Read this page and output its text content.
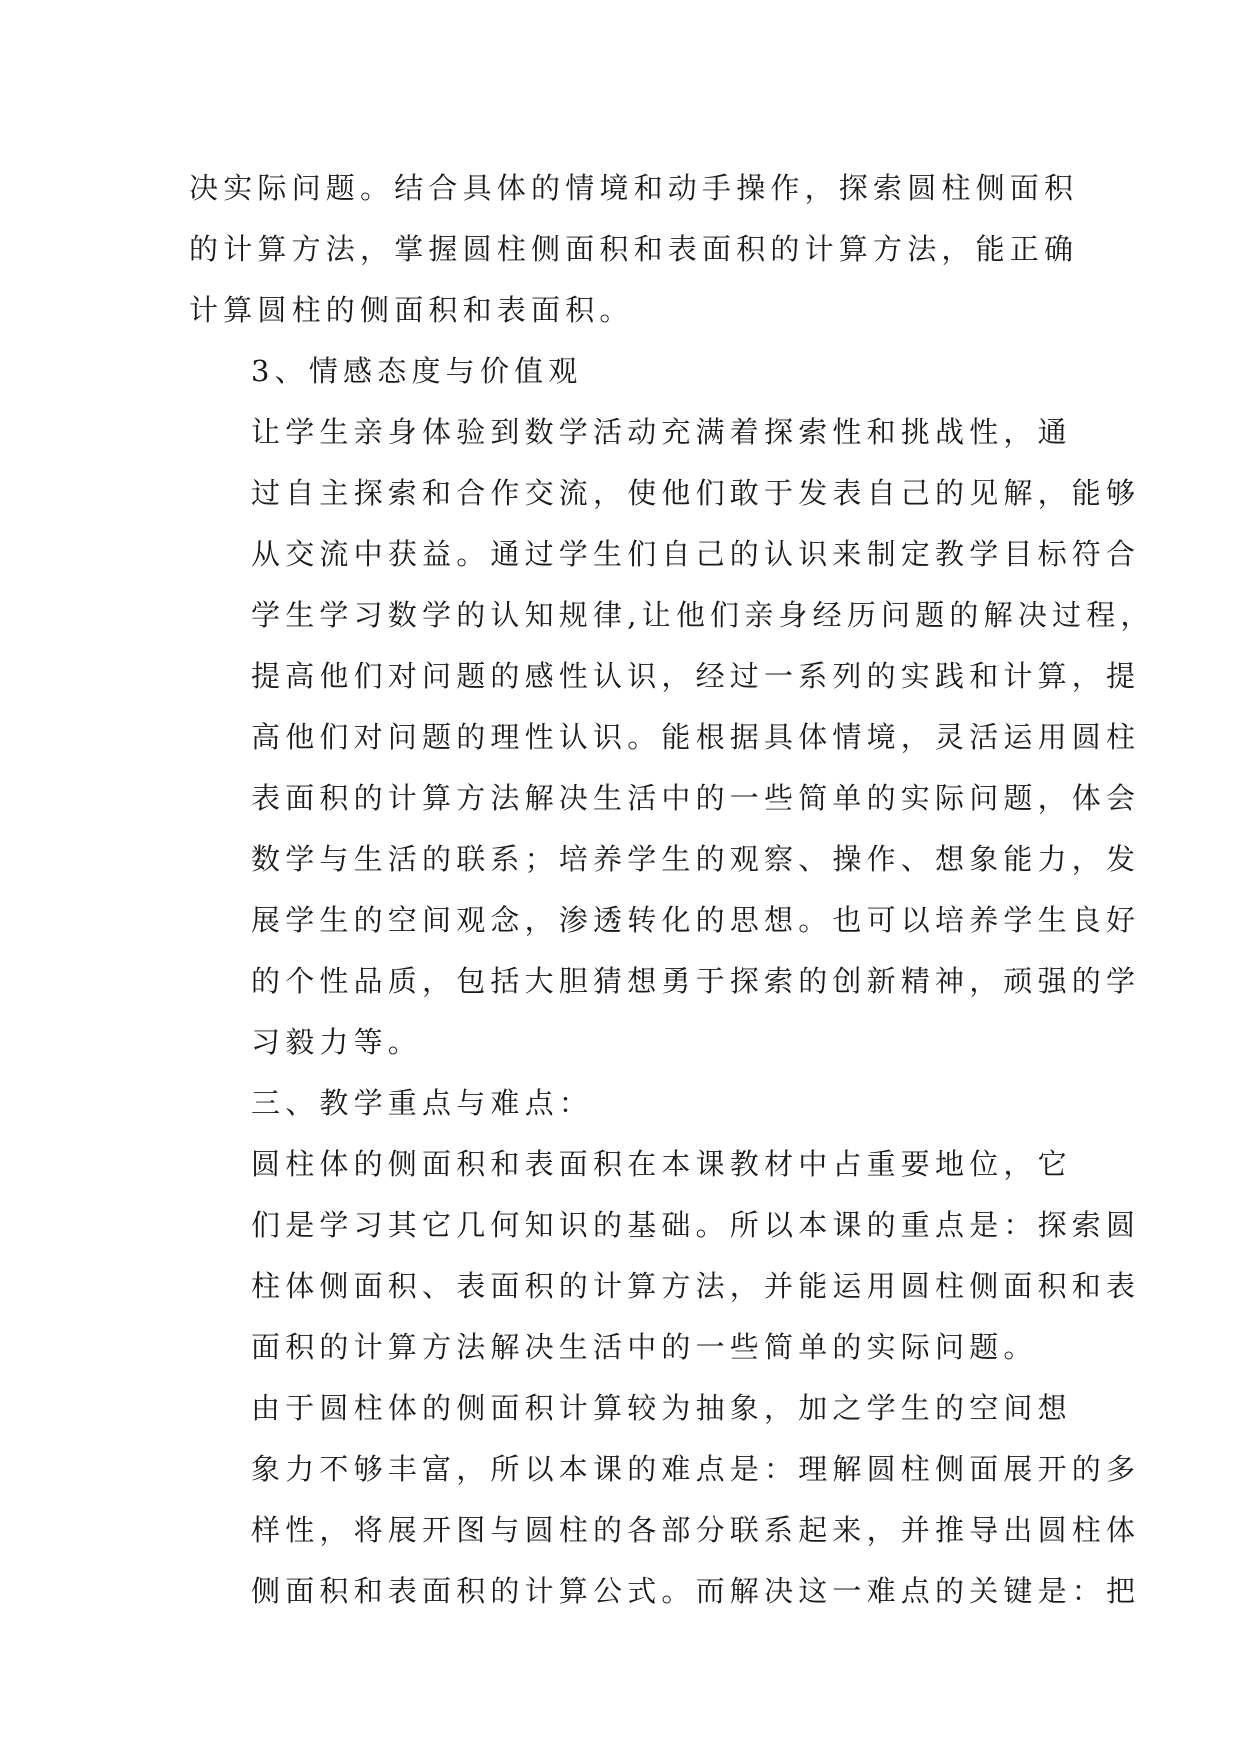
决实际问题。结合具体的情境和动手操作，探索圆柱侧面积
的计算方法，掌握圆柱侧面积和表面积的计算方法，能正确
计算圆柱的侧面积和表面积。

3、情感态度与价值观

让学生亲身体验到数学活动充满着探索性和挑战性，通
过自主探索和合作交流，使他们敢于发表自己的见解，能够
从交流中获益。通过学生们自己的认识来制定教学目标符合
学生学习数学的认知规律,让他们亲身经历问题的解决过程，
提高他们对问题的感性认识，经过一系列的实践和计算，提
高他们对问题的理性认识。能根据具体情境，灵活运用圆柱
表面积的计算方法解决生活中的一些简单的实际问题，体会
数学与生活的联系；培养学生的观察、操作、想象能力，发
展学生的空间观念，渗透转化的思想。也可以培养学生良好
的个性品质，包括大胆猜想勇于探索的创新精神，顽强的学
习毅力等。

三、教学重点与难点：

圆柱体的侧面积和表面积在本课教材中占重要地位，它
们是学习其它几何知识的基础。所以本课的重点是：探索圆
柱体侧面积、表面积的计算方法，并能运用圆柱侧面积和表
面积的计算方法解决生活中的一些简单的实际问题。

由于圆柱体的侧面积计算较为抽象，加之学生的空间想
象力不够丰富，所以本课的难点是：理解圆柱侧面展开的多
样性，将展开图与圆柱的各部分联系起来，并推导出圆柱体
侧面积和表面积的计算公式。而解决这一难点的关键是：把
